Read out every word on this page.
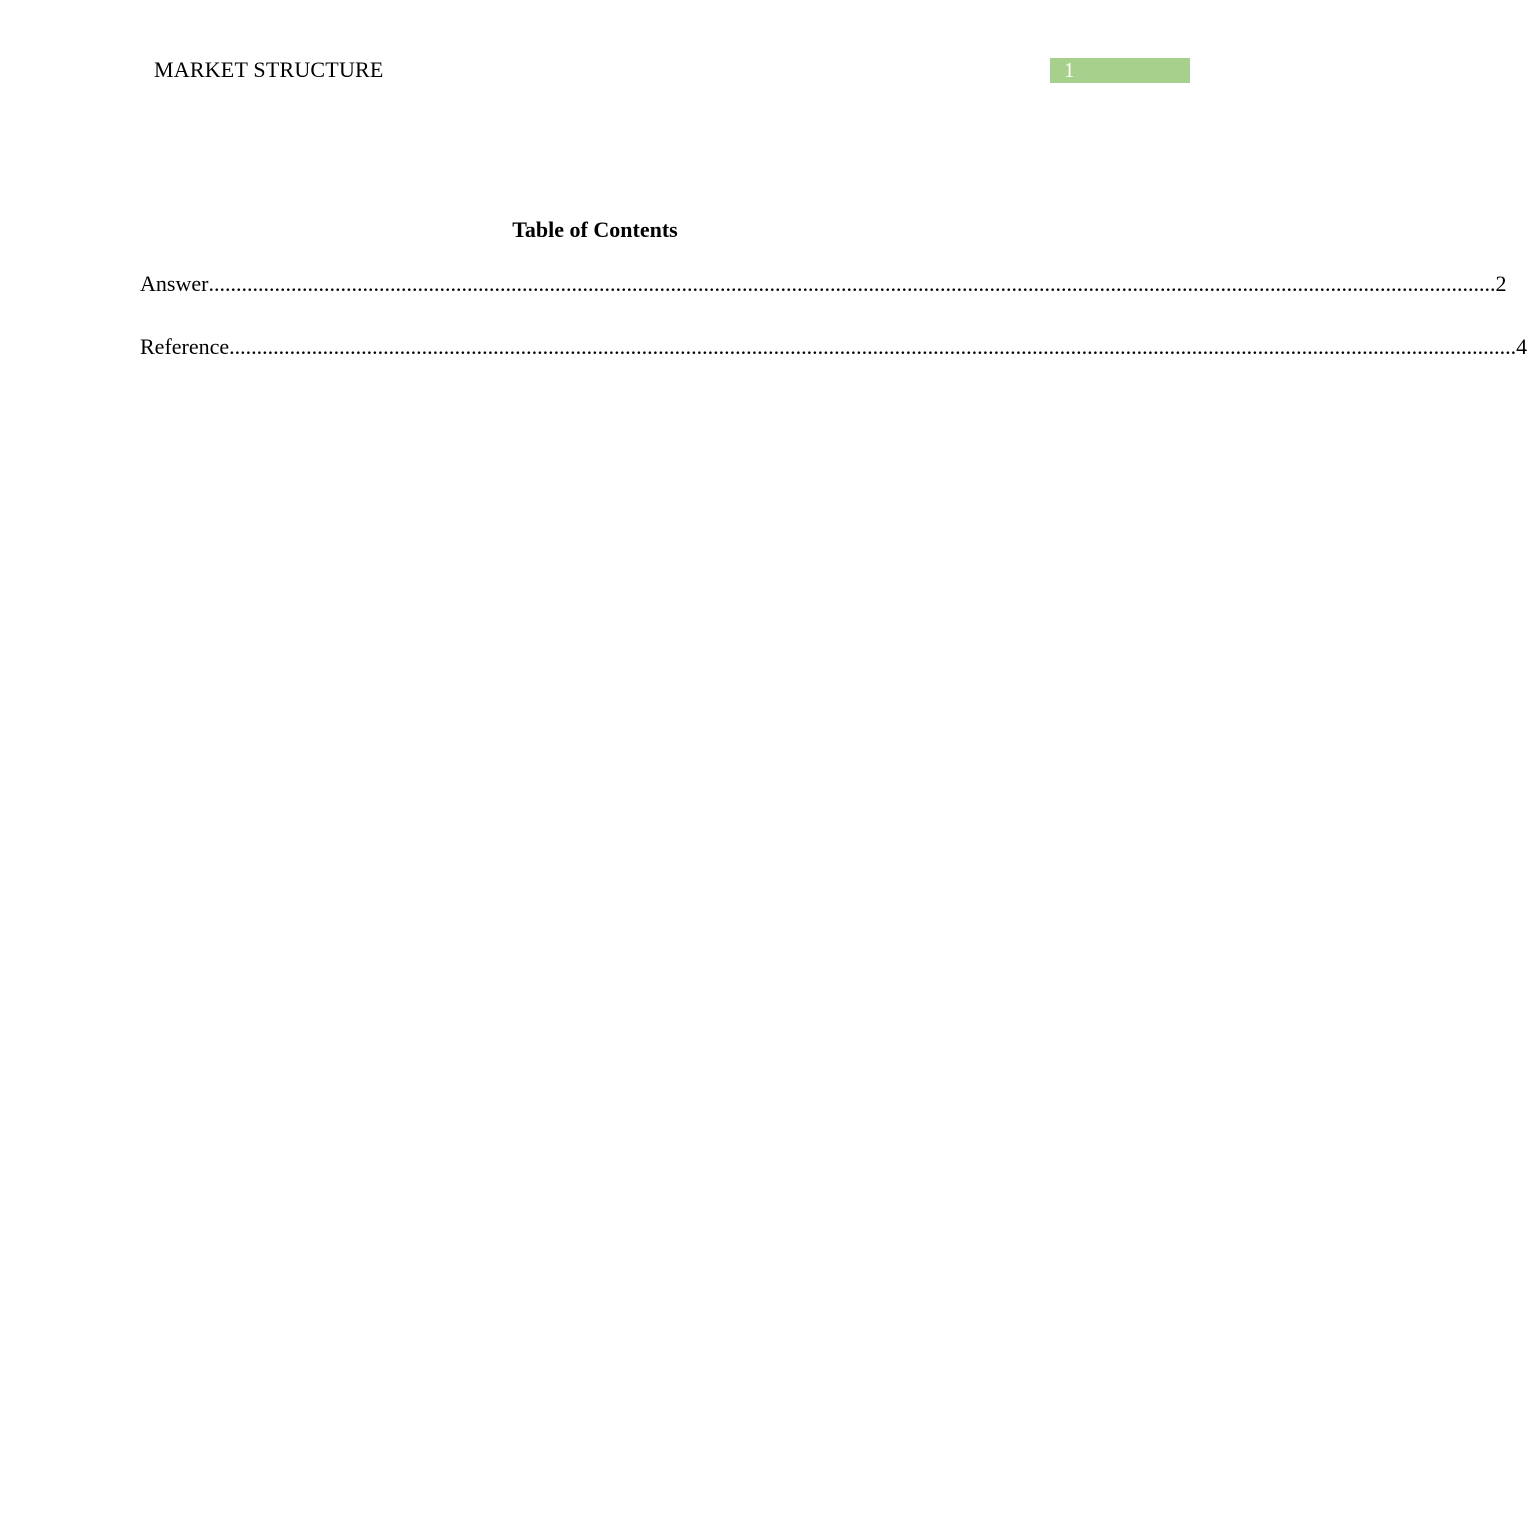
MARKET STRUCTURE	1
Table of Contents
Answer .......................................................................................................................................................................................................................................... 2
Reference .......................................................................................................................................................................................................................................... 4
